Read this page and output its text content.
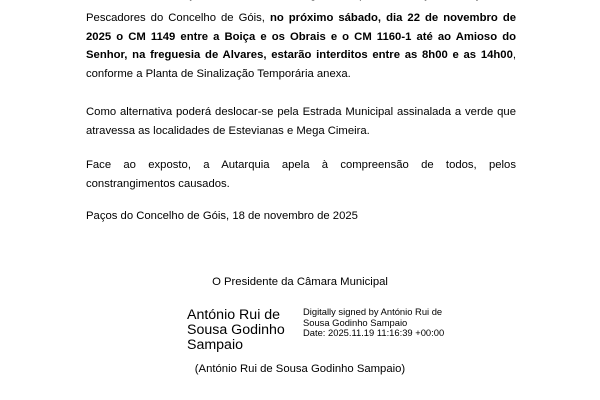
Pescadores do Concelho de Góis, no próximo sábado, dia 22 de novembro de 2025 o CM 1149 entre a Boiça e os Obrais e o CM 1160-1 até ao Amioso do Senhor, na freguesia de Alvares, estarão interditos entre as 8h00 e as 14h00, conforme a Planta de Sinalização Temporária anexa.

Como alternativa poderá deslocar-se pela Estrada Municipal assinalada a verde que atravessa as localidades de Estevianas e Mega Cimeira.

Face ao exposto, a Autarquia apela à compreensão de todos, pelos constrangimentos causados.

Paços do Concelho de Góis, 18 de novembro de 2025

O Presidente da Câmara Municipal

António Rui de Sousa Godinho Sampaio
Digitally signed by António Rui de Sousa Godinho Sampaio
Date: 2025.11.19 11:16:39 +00:00

(António Rui de Sousa Godinho Sampaio)
